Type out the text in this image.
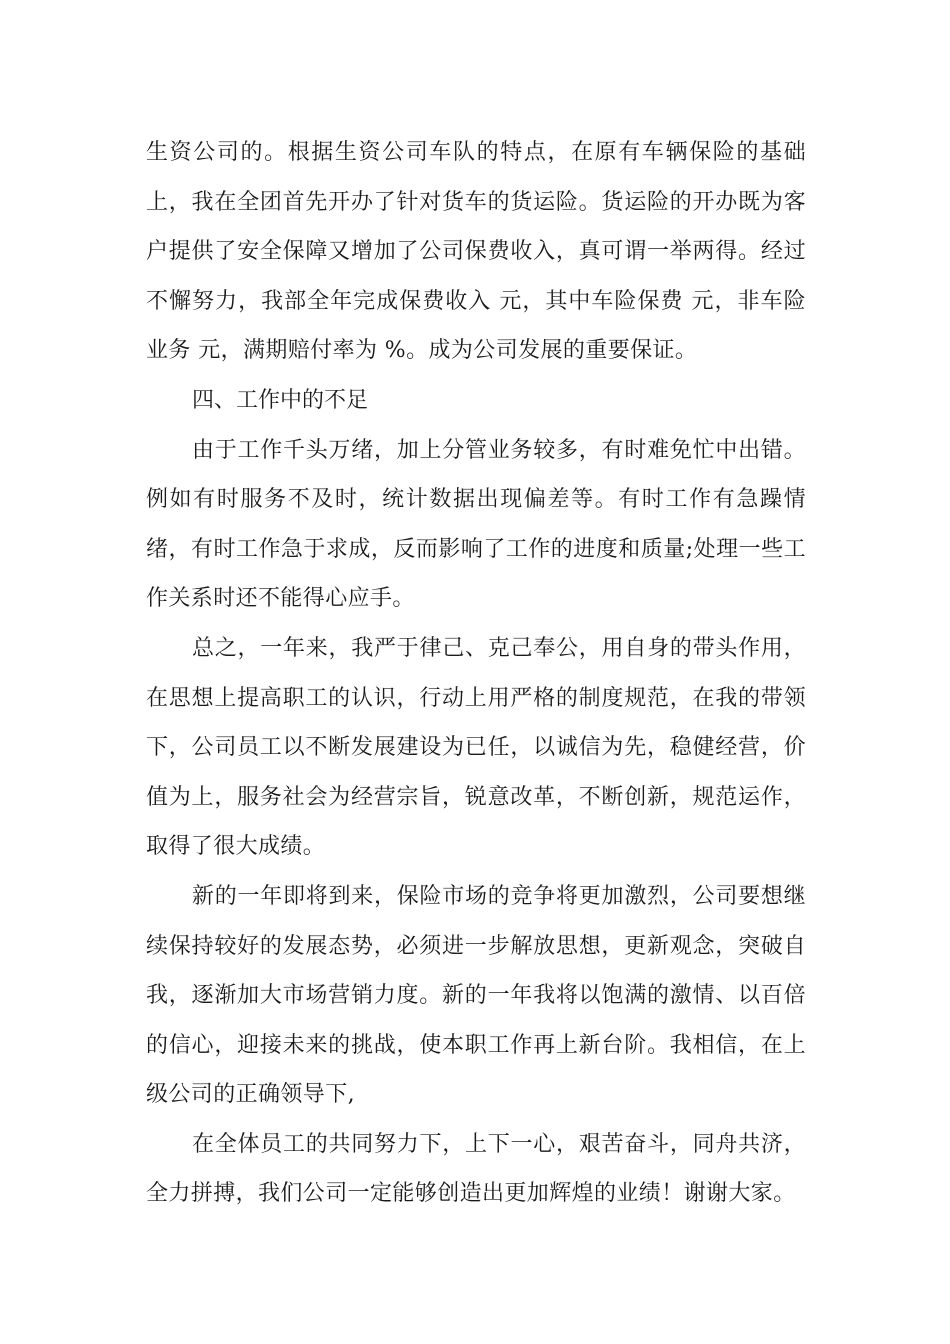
生资公司的。根据生资公司车队的特点，在原有车辆保险的基础上，我在全团首先开办了针对货车的货运险。货运险的开办既为客户提供了安全保障又增加了公司保费收入，真可谓一举两得。经过不懈努力，我部全年完成保费收入 元，其中车险保费 元，非车险业务 元，满期赔付率为 %。成为公司发展的重要保证。

四、工作中的不足

由于工作千头万绪，加上分管业务较多，有时难免忙中出错。例如有时服务不及时，统计数据出现偏差等。有时工作有急躁情绪，有时工作急于求成，反而影响了工作的进度和质量;处理一些工作关系时还不能得心应手。

总之，一年来，我严于律己、克己奉公，用自身的带头作用，在思想上提高职工的认识，行动上用严格的制度规范，在我的带领下，公司员工以不断发展建设为已任，以诚信为先，稳健经营，价值为上，服务社会为经营宗旨，锐意改革，不断创新，规范运作，取得了很大成绩。

新的一年即将到来，保险市场的竞争将更加激烈，公司要想继续保持较好的发展态势，必须进一步解放思想，更新观念，突破自我，逐渐加大市场营销力度。新的一年我将以饱满的激情、以百倍的信心，迎接未来的挑战，使本职工作再上新台阶。我相信，在上级公司的正确领导下,

在全体员工的共同努力下，上下一心，艰苦奋斗，同舟共济，全力拼搏，我们公司一定能够创造出更加辉煌的业绩！谢谢大家。
